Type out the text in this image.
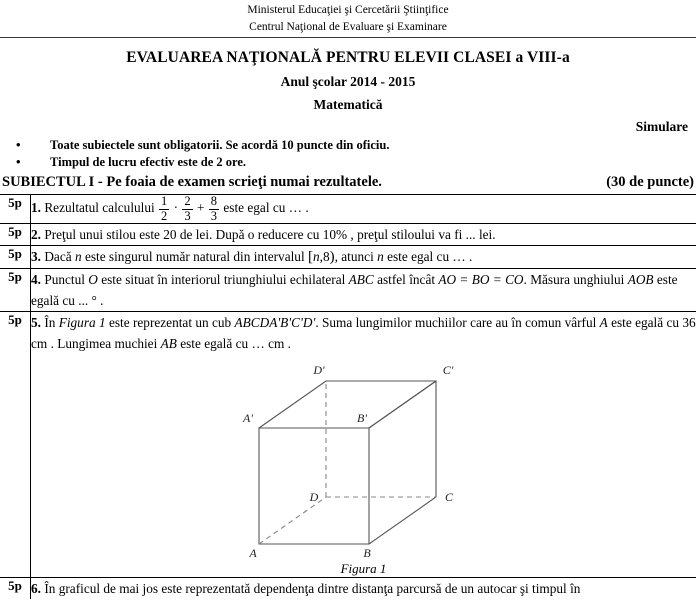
Ministerul Educaţiei şi Cercetării Ştiinţifice
Centrul Naţional de Evaluare şi Examinare
EVALUAREA NAŢIONALĂ PENTRU ELEVII CLASEI a VIII-a
Anul şcolar 2014 - 2015
Matematică
Simulare
• Toate subiectele sunt obligatorii. Se acordă 10 puncte din oficiu.
• Timpul de lucru efectiv este de 2 ore.
SUBIECTUL I - Pe foaia de examen scrieţi numai rezultatele.	(30 de puncte)
5p	1. Rezultatul calculului $\frac{1}{2} \cdot \frac{2}{3} + \frac{8}{3}$ este egal cu … .

5p	2. Preţul unui stilou este 20 de lei. După o reducere cu 10% , preţul stiloului va fi ... lei.

5p	3. Dacă n este singurul număr natural din intervalul [n,8), atunci n este egal cu … .

5p	4. Punctul O este situat în interiorul triunghiului echilateral ABC astfel încât AO = BO = CO. Măsura unghiului AOB este egală cu ... ° .

5p	5. În Figura 1 este reprezentat un cub ABCDA'B'C'D'. Suma lungimilor muchiilor care au în comun vârful A este egală cu 36 cm . Lungimea muchiei AB este egală cu … cm .
A	B
C
D
A'	B'
C'
D'
Figura 1

5p	6. În graficul de mai jos este reprezentată dependenţa dintre distanţa parcursă de un autocar şi timpul în
